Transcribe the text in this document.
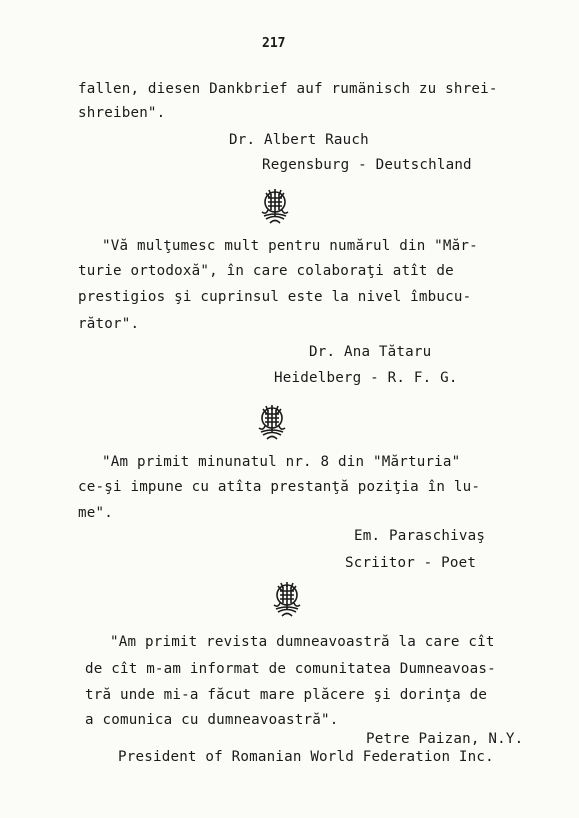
217
fallen, diesen Dankbrief auf rumänisch zu shrei-
shreiben".
Dr. Albert Rauch
Regensburg - Deutschland
"Vă mulţumesc mult pentru numărul din "Măr-
turie ortodoxă", în care colaboraţi atît de
prestigios şi cuprinsul este la nivel îmbucu-
rător".
Dr. Ana Tătaru
Heidelberg - R. F. G.
"Am primit minunatul nr. 8 din "Mărturia"
ce-şi impune cu atîta prestanţă poziţia în lu-
me".
Em. Paraschivaş
Scriitor - Poet
"Am primit revista dumneavoastră la care cît
de cît m-am informat de comunitatea Dumneavoas-
tră unde mi-a făcut mare plăcere şi dorinţa de
a comunica cu dumneavoastră".
Petre Paizan, N.Y.
President of Romanian World Federation Inc.
